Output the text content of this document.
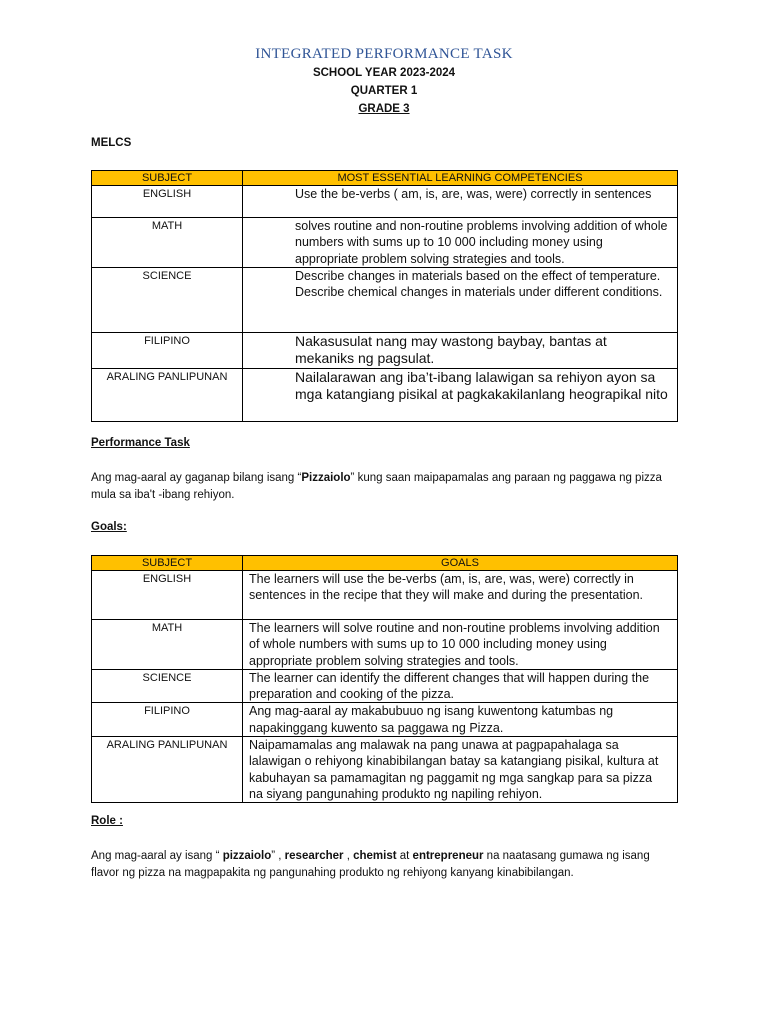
INTEGRATED PERFORMANCE TASK
SCHOOL YEAR 2023-2024
QUARTER 1
GRADE 3
MELCS
SUBJECT	MOST ESSENTIAL LEARNING COMPETENCIES
ENGLISH	Use the be-verbs ( am, is, are, was, were) correctly in sentences
MATH	solves routine and non-routine problems involving addition of whole numbers with sums up to 10 000 including money using appropriate problem solving strategies and tools.
SCIENCE	Describe changes in materials based on the effect of temperature.
Describe chemical changes in materials under different conditions.

FILIPINO	Nakasusulat nang may wastong baybay, bantas at mekaniks ng pagsulat.
ARALING PANLIPUNAN	Nailalarawan ang iba’t-ibang lalawigan sa rehiyon ayon sa mga katangiang pisikal at pagkakakilanlang heograpikal nito
Performance Task
Ang mag-aaral ay gaganap bilang isang “Pizzaiolo” kung saan maipapamalas ang paraan ng paggawa ng pizza mula sa iba't -ibang rehiyon.
Goals:
SUBJECT	GOALS
ENGLISH	The learners will use the be-verbs (am, is, are, was, were) correctly in sentences in the recipe that they will make and during the presentation.
MATH	The learners will solve routine and non-routine problems involving addition of whole numbers with sums up to 10 000 including money using appropriate problem solving strategies and tools.
SCIENCE	The learner can identify the different changes that will happen during the preparation and cooking of the pizza.
FILIPINO	Ang mag-aaral ay makabubuuo ng isang kuwentong katumbas ng napakinggang kuwento sa paggawa ng Pizza.
ARALING PANLIPUNAN	Naipamamalas ang malawak na pang unawa at pagpapahalaga sa lalawigan o rehiyong kinabibilangan batay sa katangiang pisikal, kultura at kabuhayan sa pamamagitan ng paggamit ng mga sangkap para sa pizza na siyang pangunahing produkto ng napiling rehiyon.
Role :
Ang mag-aaral ay isang “ pizzaiolo” , researcher , chemist at entrepreneur na naatasang gumawa ng isang flavor ng pizza na magpapakita ng pangunahing produkto ng rehiyong kanyang kinabibilangan.
